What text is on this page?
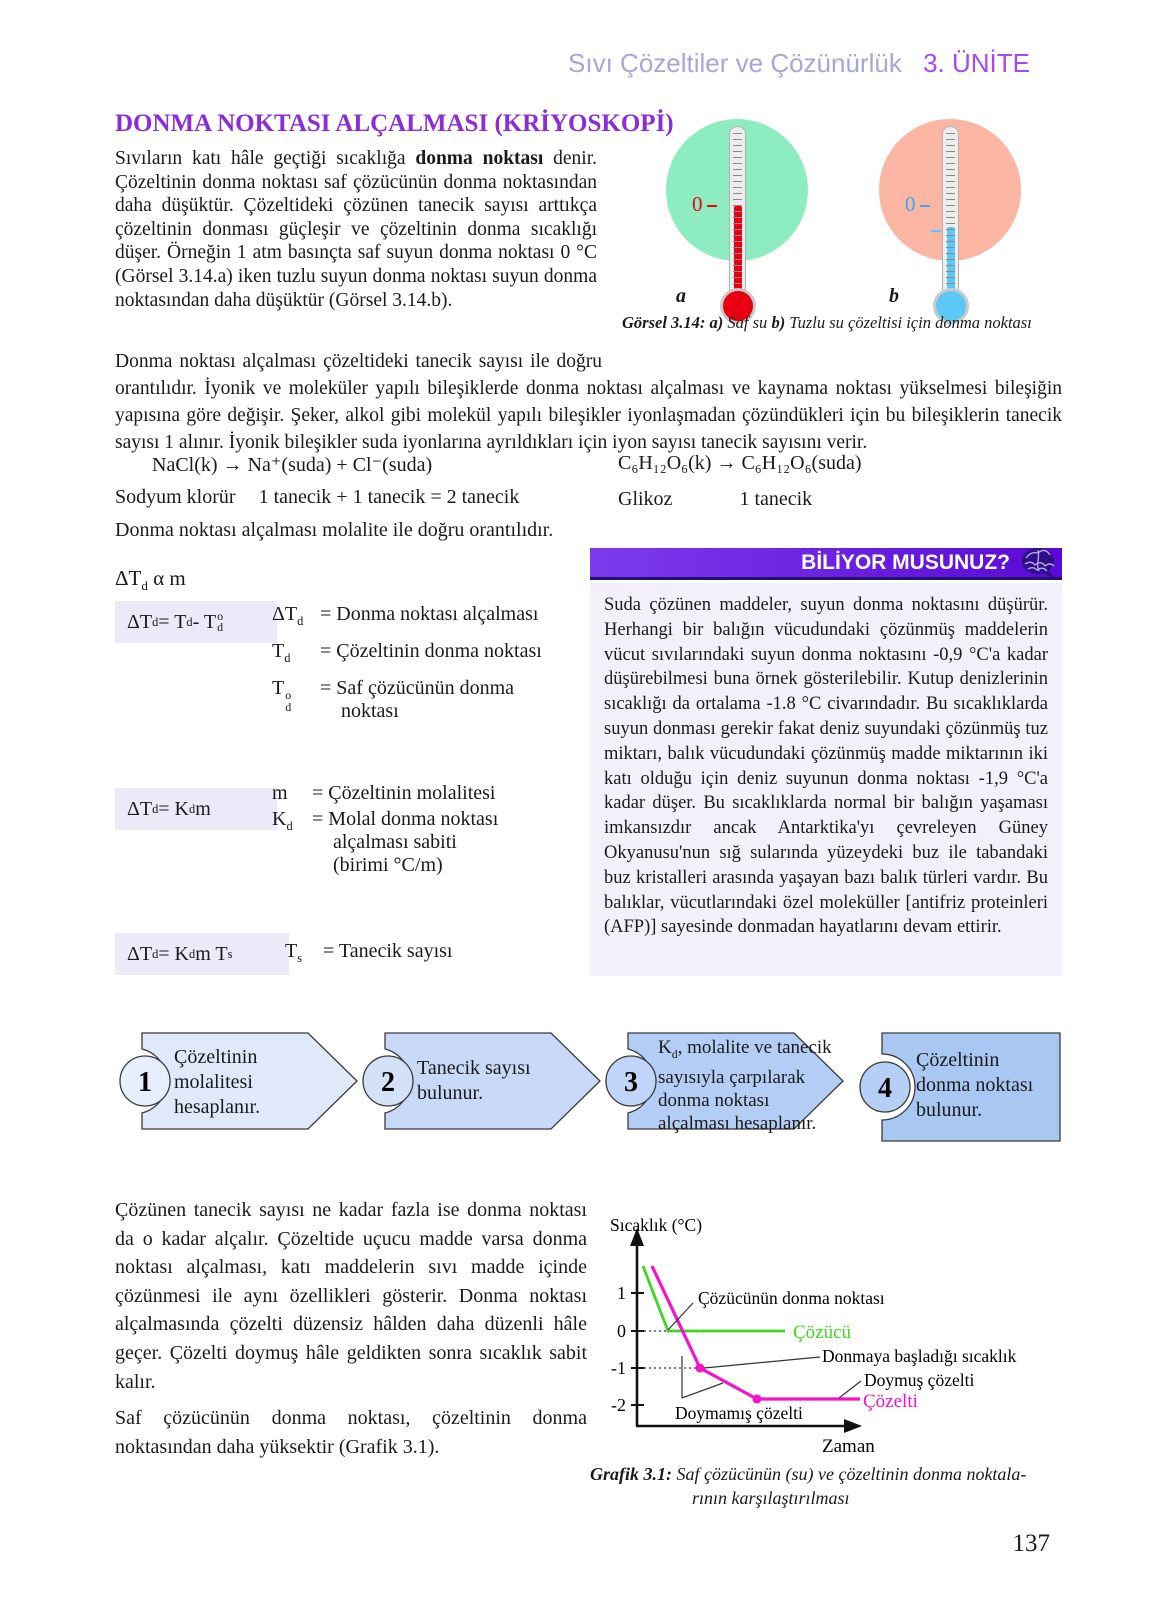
Sıvı Çözeltiler ve Çözünürlük 3. ÜNİTE
DONMA NOKTASI ALÇALMASI (KRİYOSKOPİ)
Sıvıların katı hâle geçtiği sıcaklığa donma noktası denir. Çözeltinin donma noktası saf çözücünün donma noktasından daha düşüktür. Çözeltideki çözünen tanecik sayısı arttıkça çözeltinin donması güçleşir ve çözeltinin donma sıcaklığı düşer. Örneğin 1 atm basınçta saf suyun donma noktası 0 °C (Görsel 3.14.a) iken tuzlu suyun donma noktası suyun donma noktasından daha düşüktür (Görsel 3.14.b).
0
a
0
b
Görsel 3.14: a) Saf su b) Tuzlu su çözeltisi için donma noktası
Donma noktası alçalması çözeltideki tanecik sayısı ile doğru orantılıdır. İyonik ve moleküler yapılı bileşiklerde donma noktası alçalması ve kaynama noktası yükselmesi bileşiğin yapısına göre değişir. Şeker, alkol gibi molekül yapılı bileşikler iyonlaşmadan çözündükleri için bu bileşiklerin tanecik sayısı 1 alınır. İyonik bileşikler suda iyonlarına ayrıldıkları için iyon sayısı tanecik sayısını verir.
NaCl(k) → Na⁺(suda) + Cl⁻(suda)
Sodyum klorür 1 tanecik + 1 tanecik = 2 tanecik
C₆H₁₂O₆(k) → C₆H₁₂O₆(suda)
Glikoz	1 tanecik
Donma noktası alçalması molalite ile doğru orantılıdır.
$\Delta T_d$ α m
ΔT d = T d - T o
d
$\Delta T_d$ = Donma noktası alçalması
$T_d$	= Çözeltinin donma noktası
T o
d
= Saf çözücünün donma
noktası
ΔT d = K d m
m	= Çözeltinin molalitesi
$K_d$ = Molal donma noktası
alçalması sabiti
(birimi °C/m)
ΔT d = K d m T s	$T_s$	= Tanecik sayısı
BİLİYOR MUSUNUZ?
Suda çözünen maddeler, suyun donma noktasını düşürür. Herhangi bir balığın vücudundaki çözünmüş maddelerin vücut sıvılarındaki suyun donma noktasını -0,9 °C'a kadar düşürebilmesi buna örnek gösterilebilir. Kutup denizlerinin sıcaklığı da ortalama -1.8 °C civarındadır. Bu sıcaklıklarda suyun donması gerekir fakat deniz suyundaki çözünmüş tuz miktarı, balık vücudundaki çözünmüş madde miktarının iki katı olduğu için deniz suyunun donma noktası -1,9 °C'a kadar düşer. Bu sıcaklıklarda normal bir balığın yaşaması imkansızdır ancak Antarktika'yı çevreleyen Güney Okyanusu'nun sığ sularında yüzeydeki buz ile tabandaki buz kristalleri arasında yaşayan bazı balık türleri vardır. Bu balıklar, vücutlarındaki özel moleküller [antifriz proteinleri (AFP)] sayesinde donmadan hayatlarını devam ettirir.
1
Çözeltinin molalitesi hesaplanır.
2 Tanecik sayısı bulunur.	3
$K_d$, molalite ve tanecik sayısıyla çarpılarak donma noktası alçalması hesaplanır.
4
Çözeltinin donma noktası bulunur.
Çözünen tanecik sayısı ne kadar fazla ise donma noktası da o kadar alçalır. Çözeltide uçucu madde varsa donma noktası alçalması, katı maddelerin sıvı madde içinde çözünmesi ile aynı özellikleri gösterir. Donma noktası alçalmasında çözelti düzensiz hâlden daha düzenli hâle geçer. Çözelti doymuş hâle geldikten sonra sıcaklık sabit kalır.
Saf çözücünün donma noktası, çözeltinin donma noktasından daha yüksektir (Grafik 3.1).
1
0
-1
-2
Sıcaklık (°C)
Çözücünün donma noktası
Çözücü
Donmaya başladığı sıcaklık
Doymuş çözelti
Çözelti
Doymamış çözelti
Zaman
Grafik 3.1: Saf çözücünün (su) ve çözeltinin donma noktala-
rının karşılaştırılması
137
